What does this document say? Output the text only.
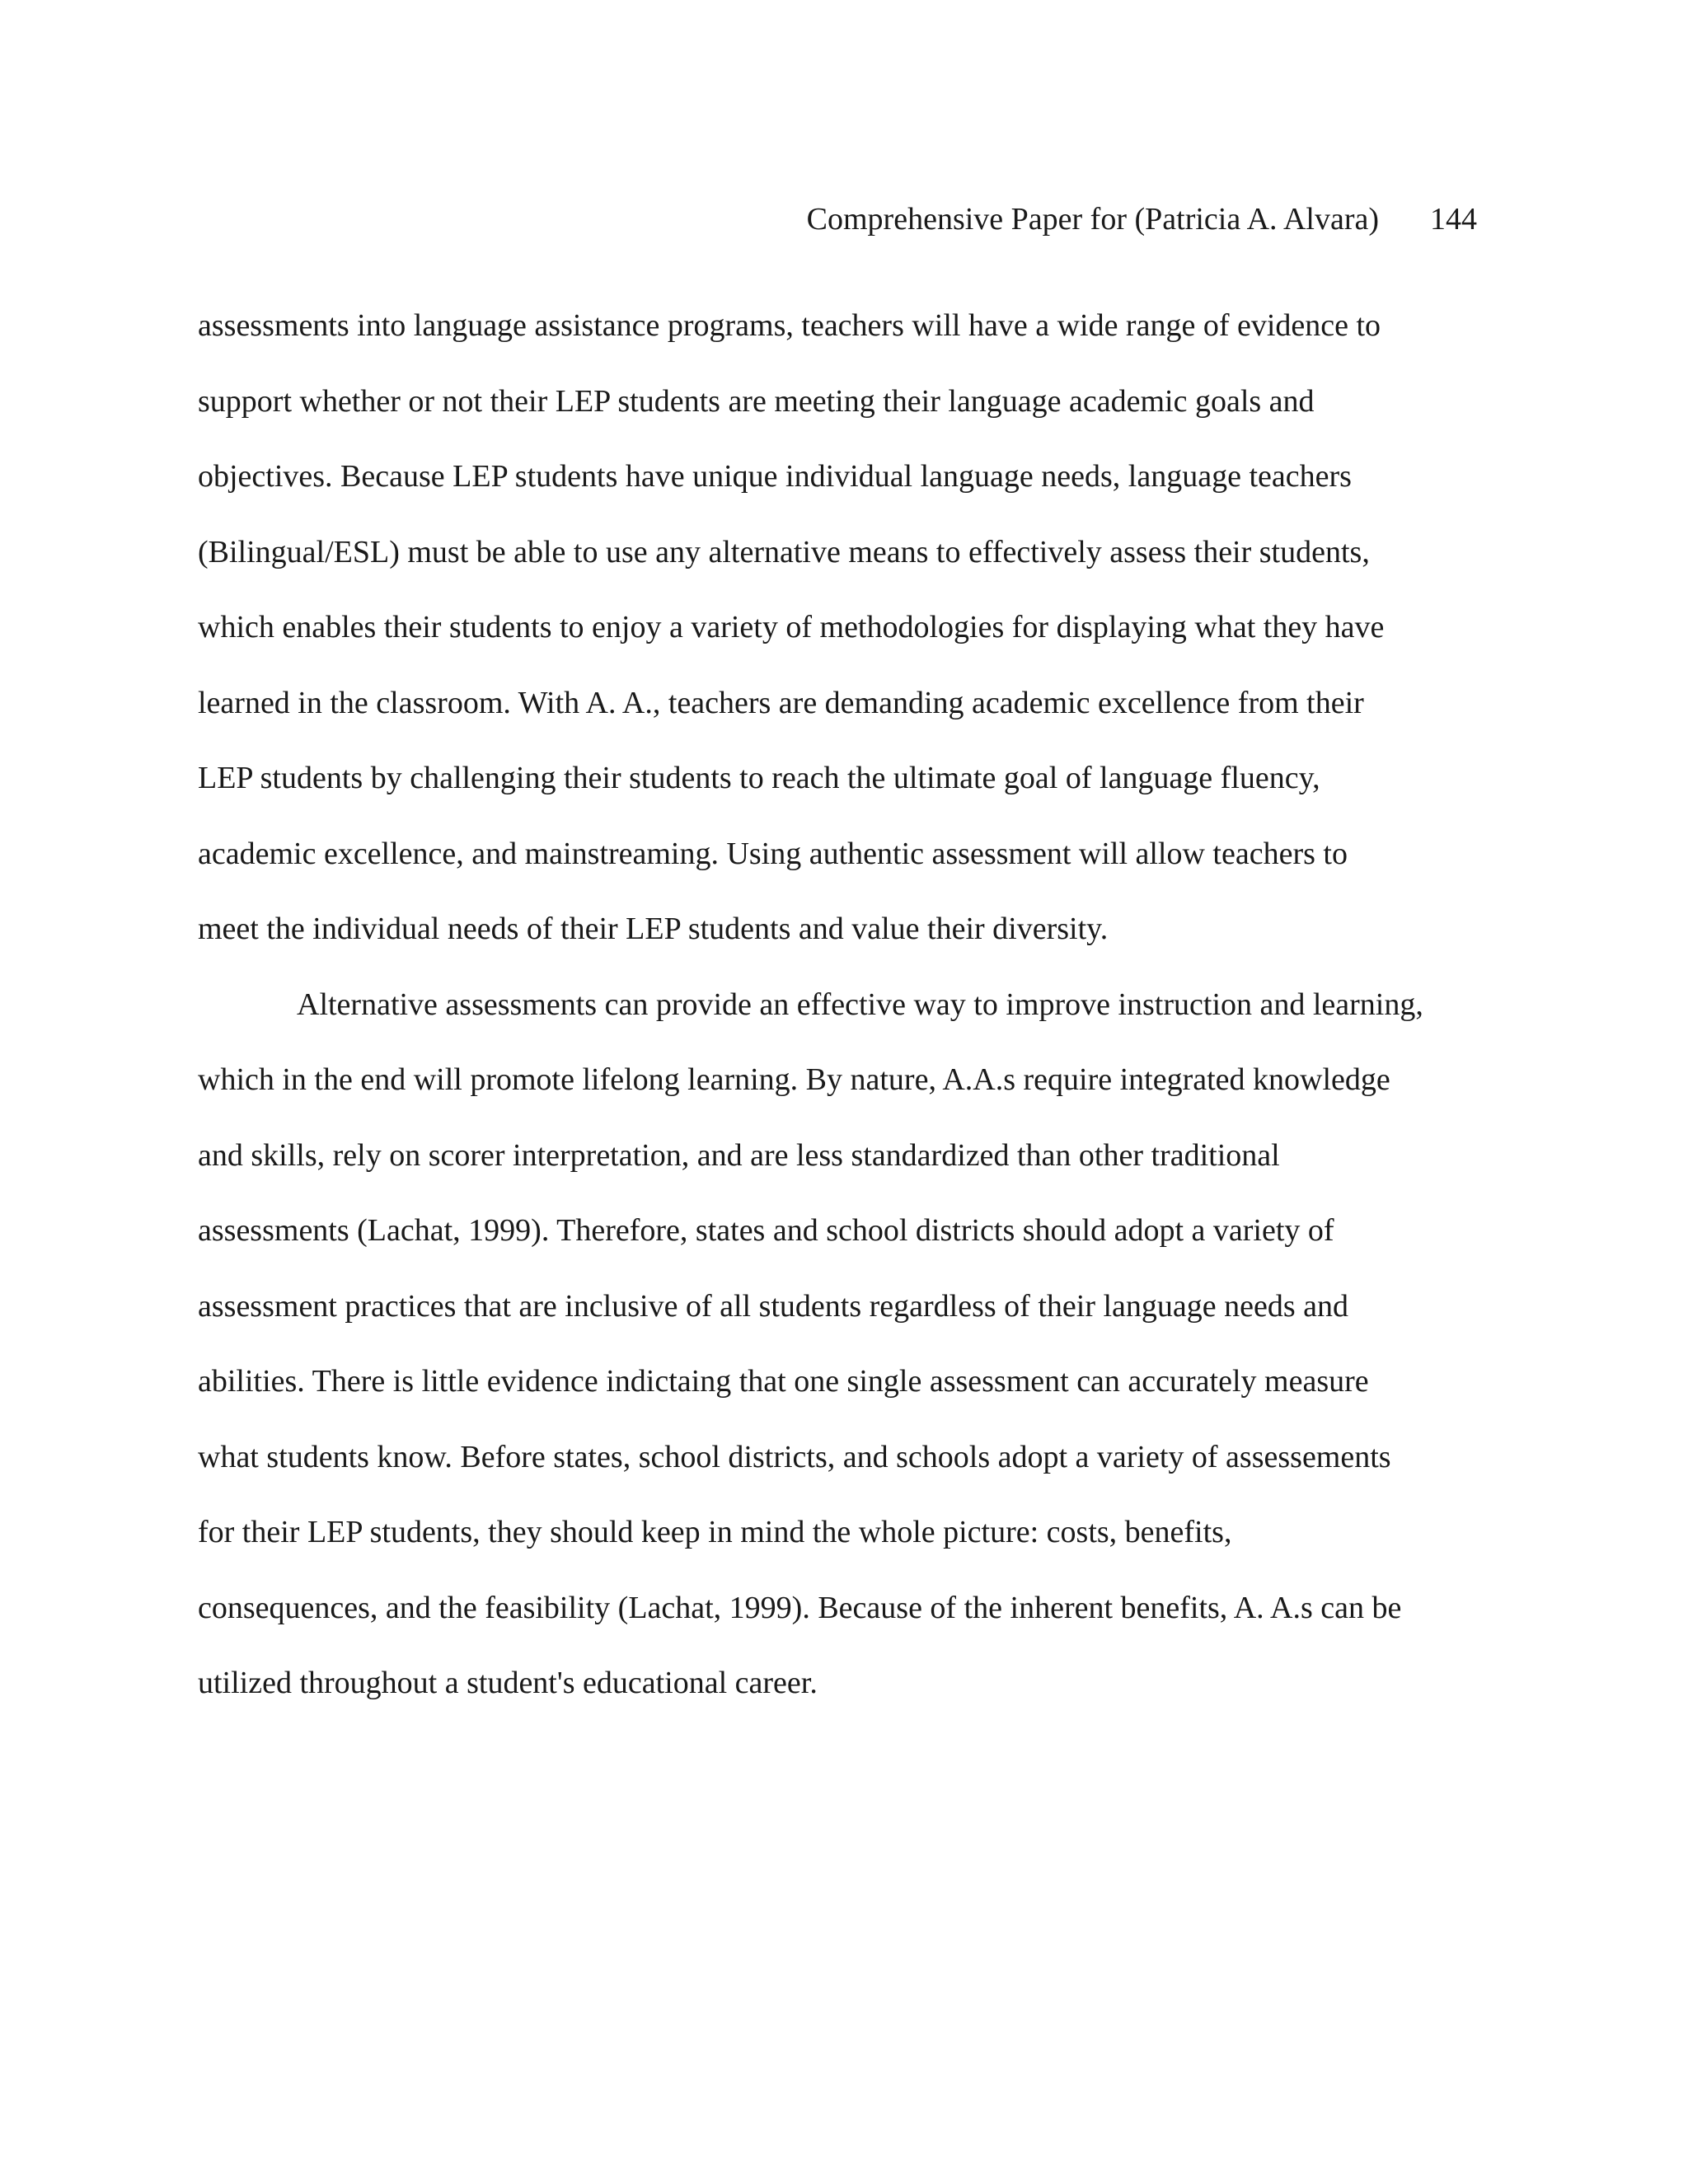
Comprehensive Paper for (Patricia A. Alvara) 144
assessments into language assistance programs, teachers will have a wide range of evidence to
support whether or not their LEP students are meeting their language academic goals and
objectives. Because LEP students have unique individual language needs, language teachers
(Bilingual/ESL) must be able to use any alternative means to effectively assess their students,
which enables their students to enjoy a variety of methodologies for displaying what they have
learned in the classroom. With A. A., teachers are demanding academic excellence from their
LEP students by challenging their students to reach the ultimate goal of language fluency,
academic excellence, and mainstreaming. Using authentic assessment will allow teachers to
meet the individual needs of their LEP students and value their diversity.
Alternative assessments can provide an effective way to improve instruction and learning,
which in the end will promote lifelong learning. By nature, A.A.s require integrated knowledge
and skills, rely on scorer interpretation, and are less standardized than other traditional
assessments (Lachat, 1999). Therefore, states and school districts should adopt a variety of
assessment practices that are inclusive of all students regardless of their language needs and
abilities. There is little evidence indictaing that one single assessment can accurately measure
what students know. Before states, school districts, and schools adopt a variety of assessements
for their LEP students, they should keep in mind the whole picture: costs, benefits,
consequences, and the feasibility (Lachat, 1999). Because of the inherent benefits, A. A.s can be
utilized throughout a student's educational career.
